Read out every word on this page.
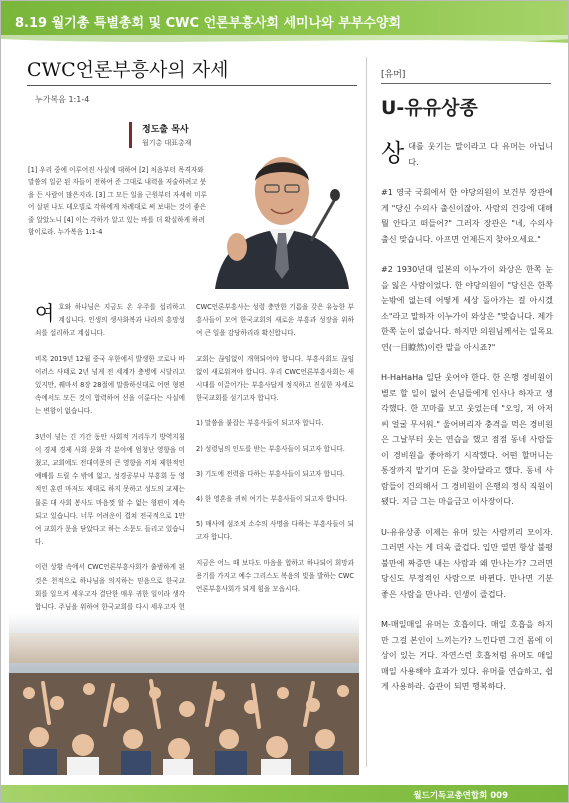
8.19 월기총 특별총회 및 CWC 언론부흥사회 세미나와 부부수양회
CWC언론부흥사의 자세
누가복음 1:1-4
정도출 목사
월기총 대표총재
[1] 우리 중에 이루어진 사실에 대하여 [2] 처음부터 목격자와 말씀의 일꾼 된 자들이 전하여 준 그대로 내력을 저술하려고 붓을 든 사람이 많은지라. [3] 그 모든 일을 근원부터 자세히 미루어 살핀 나도 데오빌로 각하에게 차례대로 써 보내는 것이 좋은 줄 알았노니 [4] 이는 각하가 알고 있는 바를 더 확실하게 하려 함이로라. 누가복음 1:1-4

여호와 하나님은 지금도 온 우주를 섭리하고 계십니다. 인생의 생사화복과 나라의 흥망성쇠를 섭리하고 계십니다.

비록 2019년 12월 중국 우한에서 발생한 코로나 바이러스 사태로 2년 넘게 전 세계가 충병에 시달리고 있지만, 꿰마서 8장 28절에 말씀하신대로 어떤 형편 속에서도 모든 것이 합력하여 선을 이룬다는 사실에는 변함이 없습니다.

3년이 넘는 긴 기간 동안 사회적 거리두기 방역지침이 경제 경제 사회 문화 각 분야에 엄청난 영향을 미쳤고, 교회에도 전대미문의 큰 영향을 끼쳐 제한적인 예배를 드릴 수 밖에 없고, 성경공부나 부흥회 등 영적인 훈련 마저도 제대로 하지 못하고 성도의 교제는 물론 대 사회 봉사도 마음껏 할 수 없는 형편이 계속되고 있습니다. 너무 어려운이 겹쳐 전국적으로 1만 여 교회가 문을 닫았다고 하는 소문도 들리고 있습니다.

이런 상황 속에서 CWC언론부흥사회가 출범하게 된 것은 천적으로 하나님을 의지하는 믿음으로 한국교회를 일으켜 세우고자 결단한 매우 귀한 일이라 생각합니다. 주님을 위하여 한국교회를 다시 세우고자 헌

CWC언론부흥사는 성령 충만한 기름을 갖은 유능한 부흥사들이 모여 한국교회의 새로운 부흥과 성장을 위하여 큰 일을 감당하리라 확신합니다.

교회는 끊임없이 개혁되어야 합니다. 부흥사회도 끊임없이 새로워져야 합니다. 우리 CWC언론부흥사회는 새시대를 이끌어가는 부흥사답게 정직하고 진실한 자세로 한국교회를 섬기고자 합니다.

1) 말씀을 붙잡는 부흥사들이 되고자 합니다.

2) 성령님의 인도를 받는 부흥사들이 되고자 합니다.

3) 기도에 전력을 다하는 부흥사들이 되고자 합니다.

4) 한 영혼을 귀히 여기는 부흥사들이 되고자 합니다.

5) 매사에 섬조치 소수의 사명을 다하는 부흥사들이 되고자 합니다.

지금은 어느 때 보다도 마음을 합하고 하나되어 희망과 용기를 가지고 예수 그리스도 복음의 빛을 발하는 CWC언론부흥사회가 되게 힘을 모읍시다.

[유머]
U-유유상종

상대를 웃기는 말이라고 다 유머는 아닙니다.

#1 영국 국회에서 한 야당의원이 보건부 장관에게 "당신 수의사 출신이잖아. 사람의 건강에 대해 뭘 안다고 떠들어?" 그러자 장관은 "네, 수의사 출신 맞습니다. 아프면 언제든지 찾아오세요."

#2 1930년대 일본의 이누가이 와상은 한쪽 눈을 잃은 사람이었다. 한 야당의원이 "당신은 한쪽 눈밖에 없는데 어떻게 세상 돌아가는 걸 아시겠소"라고 말하자 이누가이 와상은 "맞습니다. 제가 한쪽 눈이 없습니다. 하지만 의원님께서는 일목요연(一目瞭然)이란 말을 아시죠?"

H-HaHaHa 일단 웃어야 한다. 한 은행 경비원이 별로 할 일이 없어 손님들에게 인사나 하자고 생각했다. 한 꼬마를 보고 웃었는데 "오잉, 저 아저씨 얼굴 무서워." 울어버리자 충격을 먹은 경비원은 그날부터 웃는 연습을 했고 점점 동네 사람들이 경비원을 좋아하기 시작했다. 어떤 할머니는 통장까지 맡기며 돈을 찾아달라고 했다. 동네 사람들이 건의해서 그 경비원이 은행의 정식 직원이 됐다. 지금 그는 마을금고 이사장이다.

U-유유상종 이제는 유머 있는 사람끼리 모이자. 그러면 사는 게 더욱 즐겁다. 입만 열면 항상 불평 불만에 짜증만 내는 사람과 왜 만나는가? 그러면 당신도 부정적인 사람으로 바뀐다. 만나면 기분 좋은 사람을 만나라. 인생이 즐겁다.

M-매일매일 유머는 호흡이다. 매일 호흡을 하지만 그걸 본인이 느끼는가? 느낀다면 그건 몸에 이상이 있는 거다. 자연스런 호흡처럼 유머도 매일매일 사용해야 효과가 있다. 유머를 연습하고, 쉽게 사용하라. 습관이 되면 행복하다.

월드기독교총연합회 009
